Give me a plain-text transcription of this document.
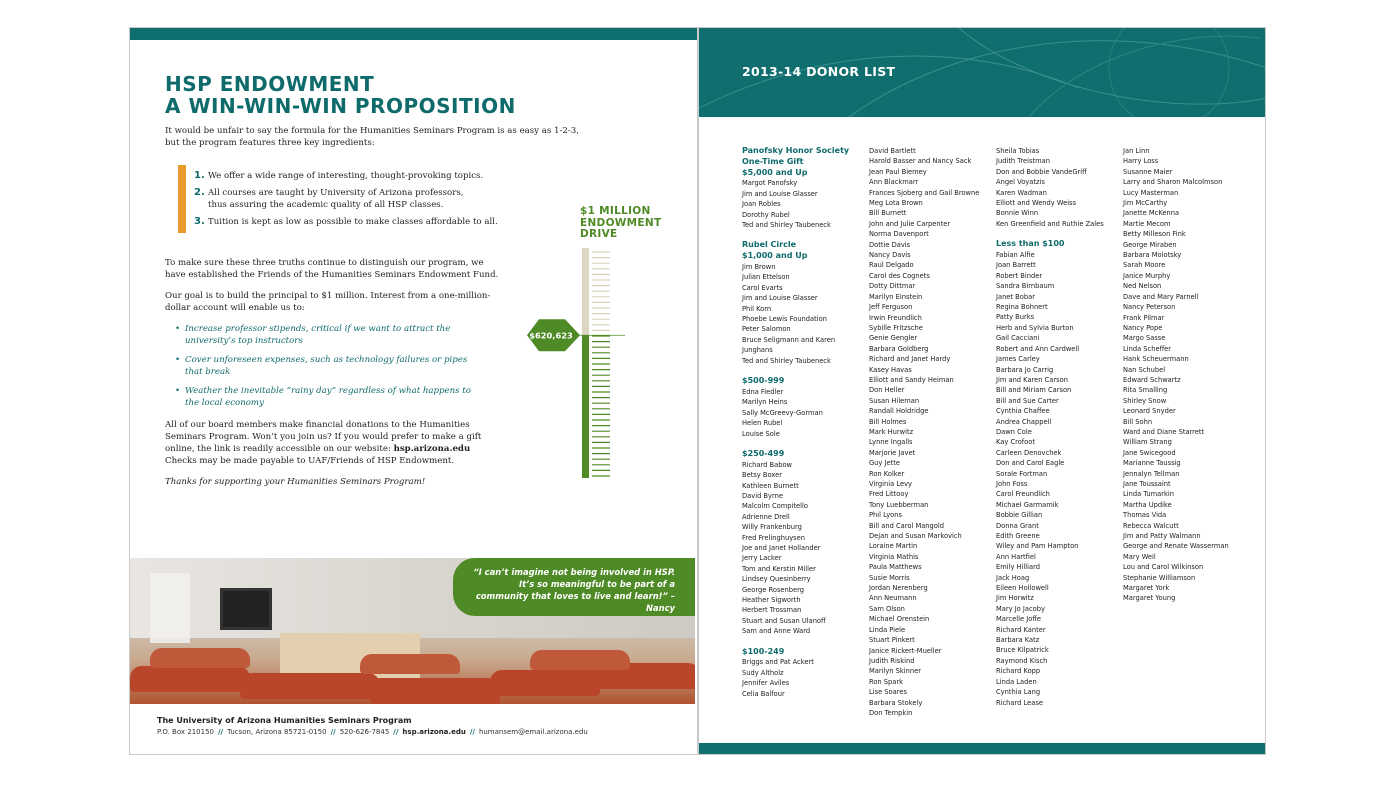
HSP ENDOWMENT
A WIN-WIN-WIN PROPOSITION

It would be unfair to say the formula for the Humanities Seminars Program is as easy as 1-2-3, but the program features three key ingredients:

1. We offer a wide range of interesting, thought-provoking topics.
2. All courses are taught by University of Arizona professors, thus assuring the academic quality of all HSP classes.
3. Tuition is kept as low as possible to make classes affordable to all.

To make sure these three truths continue to distinguish our program, we have established the Friends of the Humanities Seminars Endowment Fund.

Our goal is to build the principal to $1 million. Interest from a one-million-dollar account will enable us to:

• Increase professor stipends, critical if we want to attract the university’s top instructors
• Cover unforeseen expenses, such as technology failures or pipes that break
• Weather the inevitable “rainy day” regardless of what happens to the local economy

All of our board members make financial donations to the Humanities Seminars Program. Won’t you join us? If you would prefer to make a gift online, the link is readily accessible on our website: hsp.arizona.edu
Checks may be made payable to UAF/Friends of HSP Endowment.

Thanks for supporting your Humanities Seminars Program!

$1 MILLION
ENDOWMENT
DRIVE
$620,623
“I can’t imagine not being involved in HSP. It’s so meaningful to be part of a community that loves to live and learn!” – Nancy
The University of Arizona Humanities Seminars Program
P.O. Box 210150 // Tucson, Arizona 85721-0150 // 520-626-7845 // hsp.arizona.edu // humansem@email.arizona.edu
2013-14 DONOR LIST
Panofsky Honor Society
One-Time Gift
$5,000 and Up
Margot Panofsky
Jim and Louise Glasser
Joan Robles
Dorothy Rubel
Ted and Shirley Taubeneck
Rubel Circle
$1,000 and Up
Jim Brown
Julian Ettelson
Carol Evarts
Jim and Louise Glasser
Phil Korn
Phoebe Lewis Foundation
Peter Salomon
Bruce Seligmann and Karen
Junghans
Ted and Shirley Taubeneck
$500-999
Edna Fiedler
Marilyn Heins
Sally McGreevy-Gorman
Helen Rubel
Louise Sole
$250-499
Richard Babow
Betsy Boxer
Kathleen Burnett
David Byrne
Malcolm Compitello
Adrienne Drell
Willy Frankenburg
Fred Frelinghuysen
Joe and Janet Hollander
Jerry Lacker
Tom and Kerstin Miller
Lindsey Quesinberry
George Rosenberg
Heather Sigworth
Herbert Trossman
Stuart and Susan Ulanoff
Sam and Anne Ward
$100-249
Briggs and Pat Ackert
Sudy Altholz
Jennifer Aviles
Celia Balfour
David Bartlett
Harold Basser and Nancy Sack
Jean Paul Biemey
Ann Blackmarr
Frances Sjoberg and Gail Browne
Meg Lota Brown
Bill Burnett
John and Julie Carpenter
Norma Davenport
Dottie Davis
Nancy Davis
Raul Delgado
Carol des Cognets
Dotty Dittmar
Marilyn Einstein
Jeff Ferguson
Irwin Freundlich
Sybille Fritzsche
Genie Gengler
Barbara Goldberg
Richard and Janet Hardy
Kasey Havas
Elliott and Sandy Heiman
Don Heller
Susan Hileman
Randall Holdridge
Bill Holmes
Mark Hurwitz
Lynne Ingalls
Marjorie Javet
Guy Jette
Ron Kolker
Virginia Levy
Fred Littooy
Tony Luebberman
Phil Lyons
Bill and Carol Mangold
Dejan and Susan Markovich
Loraine Martin
Virginia Mathis
Paula Matthews
Susie Morris
Jordan Nerenberg
Ann Neumann
Sam Olson
Michael Orenstein
Linda Piele
Stuart Pinkert
Janice Rickert-Mueller
Judith Riskind
Marilyn Skinner
Ron Spark
Lise Soares
Barbara Stokely
Don Tempkin
Sheila Tobias
Judith Treistman
Don and Bobbie VandeGriff
Angel Voyatzis
Karen Wadman
Elliott and Wendy Weiss
Bonnie Winn
Ken Greenfield and Ruthie Zales
Less than $100
Fabian Alfie
Joan Barrett
Robert Binder
Sandra Birnbaum
Janet Bobar
Regina Bohnert
Patty Burks
Herb and Sylvia Burton
Gail Cacciani
Robert and Ann Cardwell
James Carley
Barbara Jo Carrig
Jim and Karen Carson
Bill and Miriam Carson
Bill and Sue Carter
Cynthia Chaffee
Andrea Chappell
Dawn Cole
Kay Crofoot
Carleen Denovchek
Don and Carol Eagle
Sorale Fortman
John Foss
Carol Freundlich
Michael Garmamik
Bobbie Gillian
Donna Grant
Edith Greene
Wiley and Pam Hampton
Ann Hartfiel
Emily Hilliard
Jack Hoag
Eileen Hollowell
Jim Horwitz
Mary Jo Jacoby
Marcelle Joffe
Richard Kanter
Barbara Katz
Bruce Kilpatrick
Raymond Kisch
Richard Kopp
Linda Laden
Cynthia Lang
Richard Lease
Jan Linn
Harry Loss
Susanne Maier
Larry and Sharon Malcolmson
Lucy Masterman
Jim McCarthy
Janette McKenna
Martie Mecom
Betty Milleson Fink
George Miraben
Barbara Molotsky
Sarah Moore
Janice Murphy
Ned Nelson
Dave and Mary Parnell
Nancy Peterson
Frank Pilmar
Nancy Pope
Margo Sasse
Linda Scheffer
Hank Scheuermann
Nan Schubel
Edward Schwartz
Rita Smalling
Shirley Snow
Leonard Snyder
Bill Sohn
Ward and Diane Starrett
William Strang
Jane Swicegood
Marianne Taussig
Jennalyn Tellman
Jane Toussaint
Linda Tumarkin
Martha Updike
Thomas Vida
Rebecca Walcutt
Jim and Patty Walmann
George and Renate Wasserman
Mary Weil
Lou and Carol Wilkinson
Stephanie Williamson
Margaret York
Margaret Young
